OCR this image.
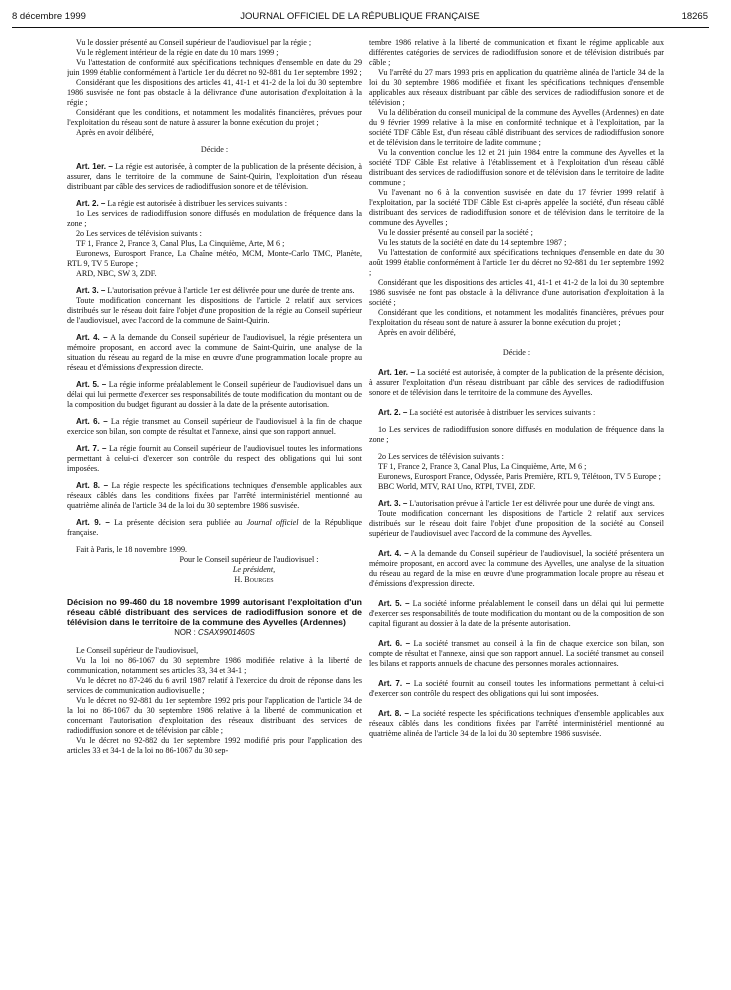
8 décembre 1999	JOURNAL OFFICIEL DE LA RÉPUBLIQUE FRANÇAISE	18265

Vu le dossier présenté au Conseil supérieur de l'audiovisuel par la régie ;

Vu le règlement intérieur de la régie en date du 10 mars 1999 ;

Vu l'attestation de conformité aux spécifications techniques d'ensemble en date du 29 juin 1999 établie conformément à l'article 1er du décret no 92-881 du 1er septembre 1992 ;

Considérant que les dispositions des articles 41, 41-1 et 41-2 de la loi du 30 septembre 1986 susvisée ne font pas obstacle à la délivrance d'une autorisation d'exploitation à la régie ;

Considérant que les conditions, et notamment les modalités financières, prévues pour l'exploitation du réseau sont de nature à assurer la bonne exécution du projet ;

Après en avoir délibéré,

Décide :

Art. 1er. – La régie est autorisée, à compter de la publication de la présente décision, à assurer, dans le territoire de la commune de Saint-Quirin, l'exploitation d'un réseau distribuant par câble des services de radiodiffusion sonore et de télévision.

Art. 2. – La régie est autorisée à distribuer les services suivants :

1o Les services de radiodiffusion sonore diffusés en modulation de fréquence dans la zone ;

2o Les services de télévision suivants :

TF 1, France 2, France 3, Canal Plus, La Cinquième, Arte, M 6 ;

Euronews, Eurosport France, La Chaîne météo, MCM, Monte-Carlo TMC, Planète, RTL 9, TV 5 Europe ;

ARD, NBC, SW 3, ZDF.

Art. 3. – L'autorisation prévue à l'article 1er est délivrée pour une durée de trente ans.

Toute modification concernant les dispositions de l'article 2 relatif aux services distribués sur le réseau doit faire l'objet d'une proposition de la régie au Conseil supérieur de l'audiovisuel, avec l'accord de la commune de Saint-Quirin.

Art. 4. – A la demande du Conseil supérieur de l'audiovisuel, la régie présentera un mémoire proposant, en accord avec la commune de Saint-Quirin, une analyse de la situation du réseau au regard de la mise en œuvre d'une programmation locale propre au réseau et d'émissions d'expression directe.

Art. 5. – La régie informe préalablement le Conseil supérieur de l'audiovisuel dans un délai qui lui permette d'exercer ses responsabilités de toute modification du montant ou de la composition du budget figurant au dossier à la date de la présente autorisation.

Art. 6. – La régie transmet au Conseil supérieur de l'audiovisuel à la fin de chaque exercice son bilan, son compte de résultat et l'annexe, ainsi que son rapport annuel.

Art. 7. – La régie fournit au Conseil supérieur de l'audiovisuel toutes les informations permettant à celui-ci d'exercer son contrôle du respect des obligations qui lui sont imposées.

Art. 8. – La régie respecte les spécifications techniques d'ensemble applicables aux réseaux câblés dans les conditions fixées par l'arrêté interministériel mentionné au quatrième alinéa de l'article 34 de la loi du 30 septembre 1986 susvisée.

Art. 9. – La présente décision sera publiée au Journal officiel de la République française.

Fait à Paris, le 18 novembre 1999.

Pour le Conseil supérieur de l'audiovisuel :
Le président,
H. Bourges

Décision no 99-460 du 18 novembre 1999 autorisant l'exploitation d'un réseau câblé distribuant des services de radiodiffusion sonore et de télévision dans le territoire de la commune des Ayvelles (Ardennes)

NOR : CSAX9901460S

Le Conseil supérieur de l'audiovisuel,

Vu la loi no 86-1067 du 30 septembre 1986 modifiée relative à la liberté de communication, notamment ses articles 33, 34 et 34-1 ;

Vu le décret no 87-246 du 6 avril 1987 relatif à l'exercice du droit de réponse dans les services de communication audiovisuelle ;

Vu le décret no 92-881 du 1er septembre 1992 pris pour l'application de l'article 34 de la loi no 86-1067 du 30 septembre 1986 relative à la liberté de communication et concernant l'autorisation d'exploitation des réseaux distribuant des services de radiodiffusion sonore et de télévision par câble ;

Vu le décret no 92-882 du 1er septembre 1992 modifié pris pour l'application des articles 33 et 34-1 de la loi no 86-1067 du 30 sep-

tembre 1986 relative à la liberté de communication et fixant le régime applicable aux différentes catégories de services de radiodiffusion sonore et de télévision distribués par câble ;

Vu l'arrêté du 27 mars 1993 pris en application du quatrième alinéa de l'article 34 de la loi du 30 septembre 1986 modifiée et fixant les spécifications techniques d'ensemble applicables aux réseaux distribuant par câble des services de radiodiffusion sonore et de télévision ;

Vu la délibération du conseil municipal de la commune des Ayvelles (Ardennes) en date du 9 février 1999 relative à la mise en conformité technique et à l'exploitation, par la société TDF Câble Est, d'un réseau câblé distribuant des services de radiodiffusion sonore et de télévision dans le territoire de ladite commune ;

Vu la convention conclue les 12 et 21 juin 1984 entre la commune des Ayvelles et la société TDF Câble Est relative à l'établissement et à l'exploitation d'un réseau câblé distribuant des services de radiodiffusion sonore et de télévision dans le territoire de ladite commune ;

Vu l'avenant no 6 à la convention susvisée en date du 17 février 1999 relatif à l'exploitation, par la société TDF Câble Est ci-après appelée la société, d'un réseau câblé distribuant des services de radiodiffusion sonore et de télévision dans le territoire de la commune des Ayvelles ;

Vu le dossier présenté au conseil par la société ;

Vu les statuts de la société en date du 14 septembre 1987 ;

Vu l'attestation de conformité aux spécifications techniques d'ensemble en date du 30 août 1999 établie conformément à l'article 1er du décret no 92-881 du 1er septembre 1992 ;

Considérant que les dispositions des articles 41, 41-1 et 41-2 de la loi du 30 septembre 1986 susvisée ne font pas obstacle à la délivrance d'une autorisation d'exploitation à la société ;

Considérant que les conditions, et notamment les modalités financières, prévues pour l'exploitation du réseau sont de nature à assurer la bonne exécution du projet ;

Après en avoir délibéré,

Décide :

Art. 1er. – La société est autorisée, à compter de la publication de la présente décision, à assurer l'exploitation d'un réseau distribuant par câble des services de radiodiffusion sonore et de télévision dans le territoire de la commune des Ayvelles.

Art. 2. – La société est autorisée à distribuer les services suivants :

1o Les services de radiodiffusion sonore diffusés en modulation de fréquence dans la zone ;

2o Les services de télévision suivants :

TF 1, France 2, France 3, Canal Plus, La Cinquième, Arte, M 6 ;

Euronews, Eurosport France, Odyssée, Paris Première, RTL 9, Télétoon, TV 5 Europe ;

BBC World, MTV, RAI Uno, RTPI, TVEI, ZDF.

Art. 3. – L'autorisation prévue à l'article 1er est délivrée pour une durée de vingt ans.

Toute modification concernant les dispositions de l'article 2 relatif aux services distribués sur le réseau doit faire l'objet d'une proposition de la société au Conseil supérieur de l'audiovisuel avec l'accord de la commune des Ayvelles.

Art. 4. – A la demande du Conseil supérieur de l'audiovisuel, la société présentera un mémoire proposant, en accord avec la commune des Ayvelles, une analyse de la situation du réseau au regard de la mise en œuvre d'une programmation locale propre au réseau et d'émissions d'expression directe.

Art. 5. – La société informe préalablement le conseil dans un délai qui lui permette d'exercer ses responsabilités de toute modification du montant ou de la composition de son capital figurant au dossier à la date de la présente autorisation.

Art. 6. – La société transmet au conseil à la fin de chaque exercice son bilan, son compte de résultat et l'annexe, ainsi que son rapport annuel. La société transmet au conseil les bilans et rapports annuels de chacune des personnes morales actionnaires.

Art. 7. – La société fournit au conseil toutes les informations permettant à celui-ci d'exercer son contrôle du respect des obligations qui lui sont imposées.

Art. 8. – La société respecte les spécifications techniques d'ensemble applicables aux réseaux câblés dans les conditions fixées par l'arrêté interministériel mentionné au quatrième alinéa de l'article 34 de la loi du 30 septembre 1986 susvisée.
